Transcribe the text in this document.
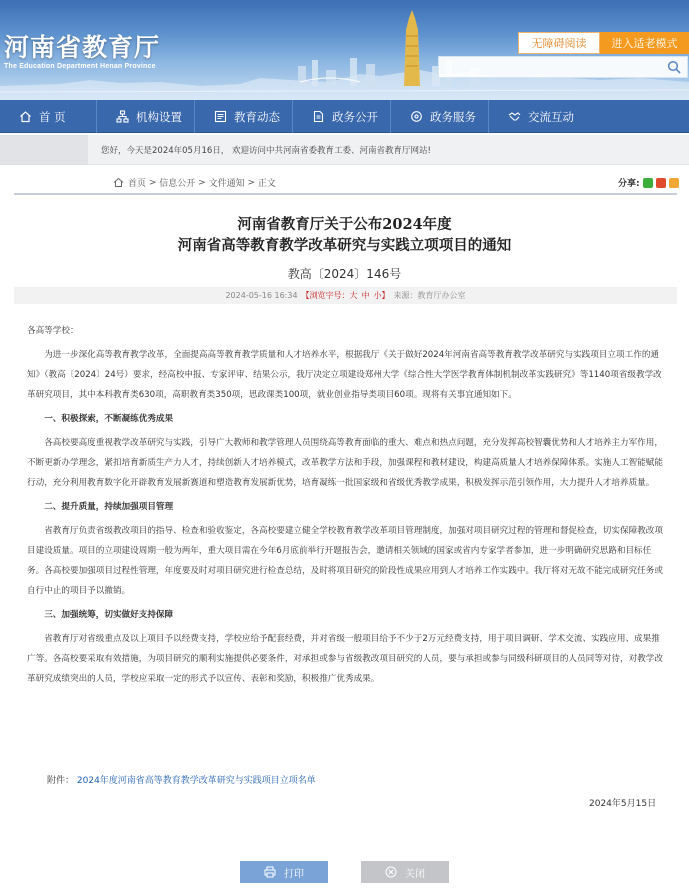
河南省教育厅
The Education Department Henan Province
无障碍阅读	进入适老模式
首 页	机构设置	教育动态	政务公开	政务服务	交流互动
您好，今天是2024年05月16日， 欢迎访问中共河南省委教育工委、河南省教育厅网站!
首页 > 信息公开 > 文件通知 > 正文	分享:
河南省教育厅关于公布2024年度
河南省高等教育教学改革研究与实践立项项目的通知
教高〔2024〕146号
2024-05-16 16:34 【浏览字号： 大 中 小 】 来源： 教育厅办公室

各高等学校：

为进一步深化高等教育教学改革，全面提高高等教育教学质量和人才培养水平，根据我厅《关于做好2024年河南省高等教育教学改革研究与实践项目立项工作的通知》（教高〔2024〕24号）要求，经高校申报、专家评审、结果公示，我厅决定立项建设郑州大学《综合性大学医学教育体制机制改革实践研究》等1140项省级教学改革研究项目，其中本科教育类630项，高职教育类350项，思政课类100项，就业创业指导类项目60项。现将有关事宜通知如下。

一、积极探索，不断凝练优秀成果

各高校要高度重视教学改革研究与实践，引导广大教师和教学管理人员围绕高等教育面临的重大、难点和热点问题，充分发挥高校智囊优势和人才培养主力军作用，不断更新办学理念，紧扣培育新质生产力人才，持续创新人才培养模式，改革教学方法和手段，加强课程和教材建设，构建高质量人才培养保障体系。实施人工智能赋能行动，充分利用教育数字化开辟教育发展新赛道和塑造教育发展新优势，培育凝练一批国家级和省级优秀教学成果，积极发挥示范引领作用，大力提升人才培养质量。

二、提升质量，持续加强项目管理

省教育厅负责省级教改项目的指导、检查和验收鉴定，各高校要建立健全学校教育教学改革项目管理制度，加强对项目研究过程的管理和督促检查，切实保障教改项目建设质量。项目的立项建设周期一般为两年，重大项目需在今年6月底前举行开题报告会，邀请相关领域的国家或省内专家学者参加，进一步明确研究思路和目标任务。各高校要加强项目过程性管理，年度要及时对项目研究进行检查总结，及时将项目研究的阶段性成果应用到人才培养工作实践中。我厅将对无故不能完成研究任务或自行中止的项目予以撤销。

三、加强统筹，切实做好支持保障

省教育厅对省级重点及以上项目予以经费支持，学校应给予配套经费，并对省级一般项目给予不少于2万元经费支持，用于项目调研、学术交流、实践应用、成果推广等。各高校要采取有效措施，为项目研究的顺利实施提供必要条件，对承担或参与省级教改项目研究的人员，要与承担或参与同级科研项目的人员同等对待，对教学改革研究成绩突出的人员，学校应采取一定的形式予以宣传、表彰和奖励，积极推广优秀成果。

附件： 2024年度河南省高等教育教学改革研究与实践项目立项名单
2024年5月15日
打印	关闭
